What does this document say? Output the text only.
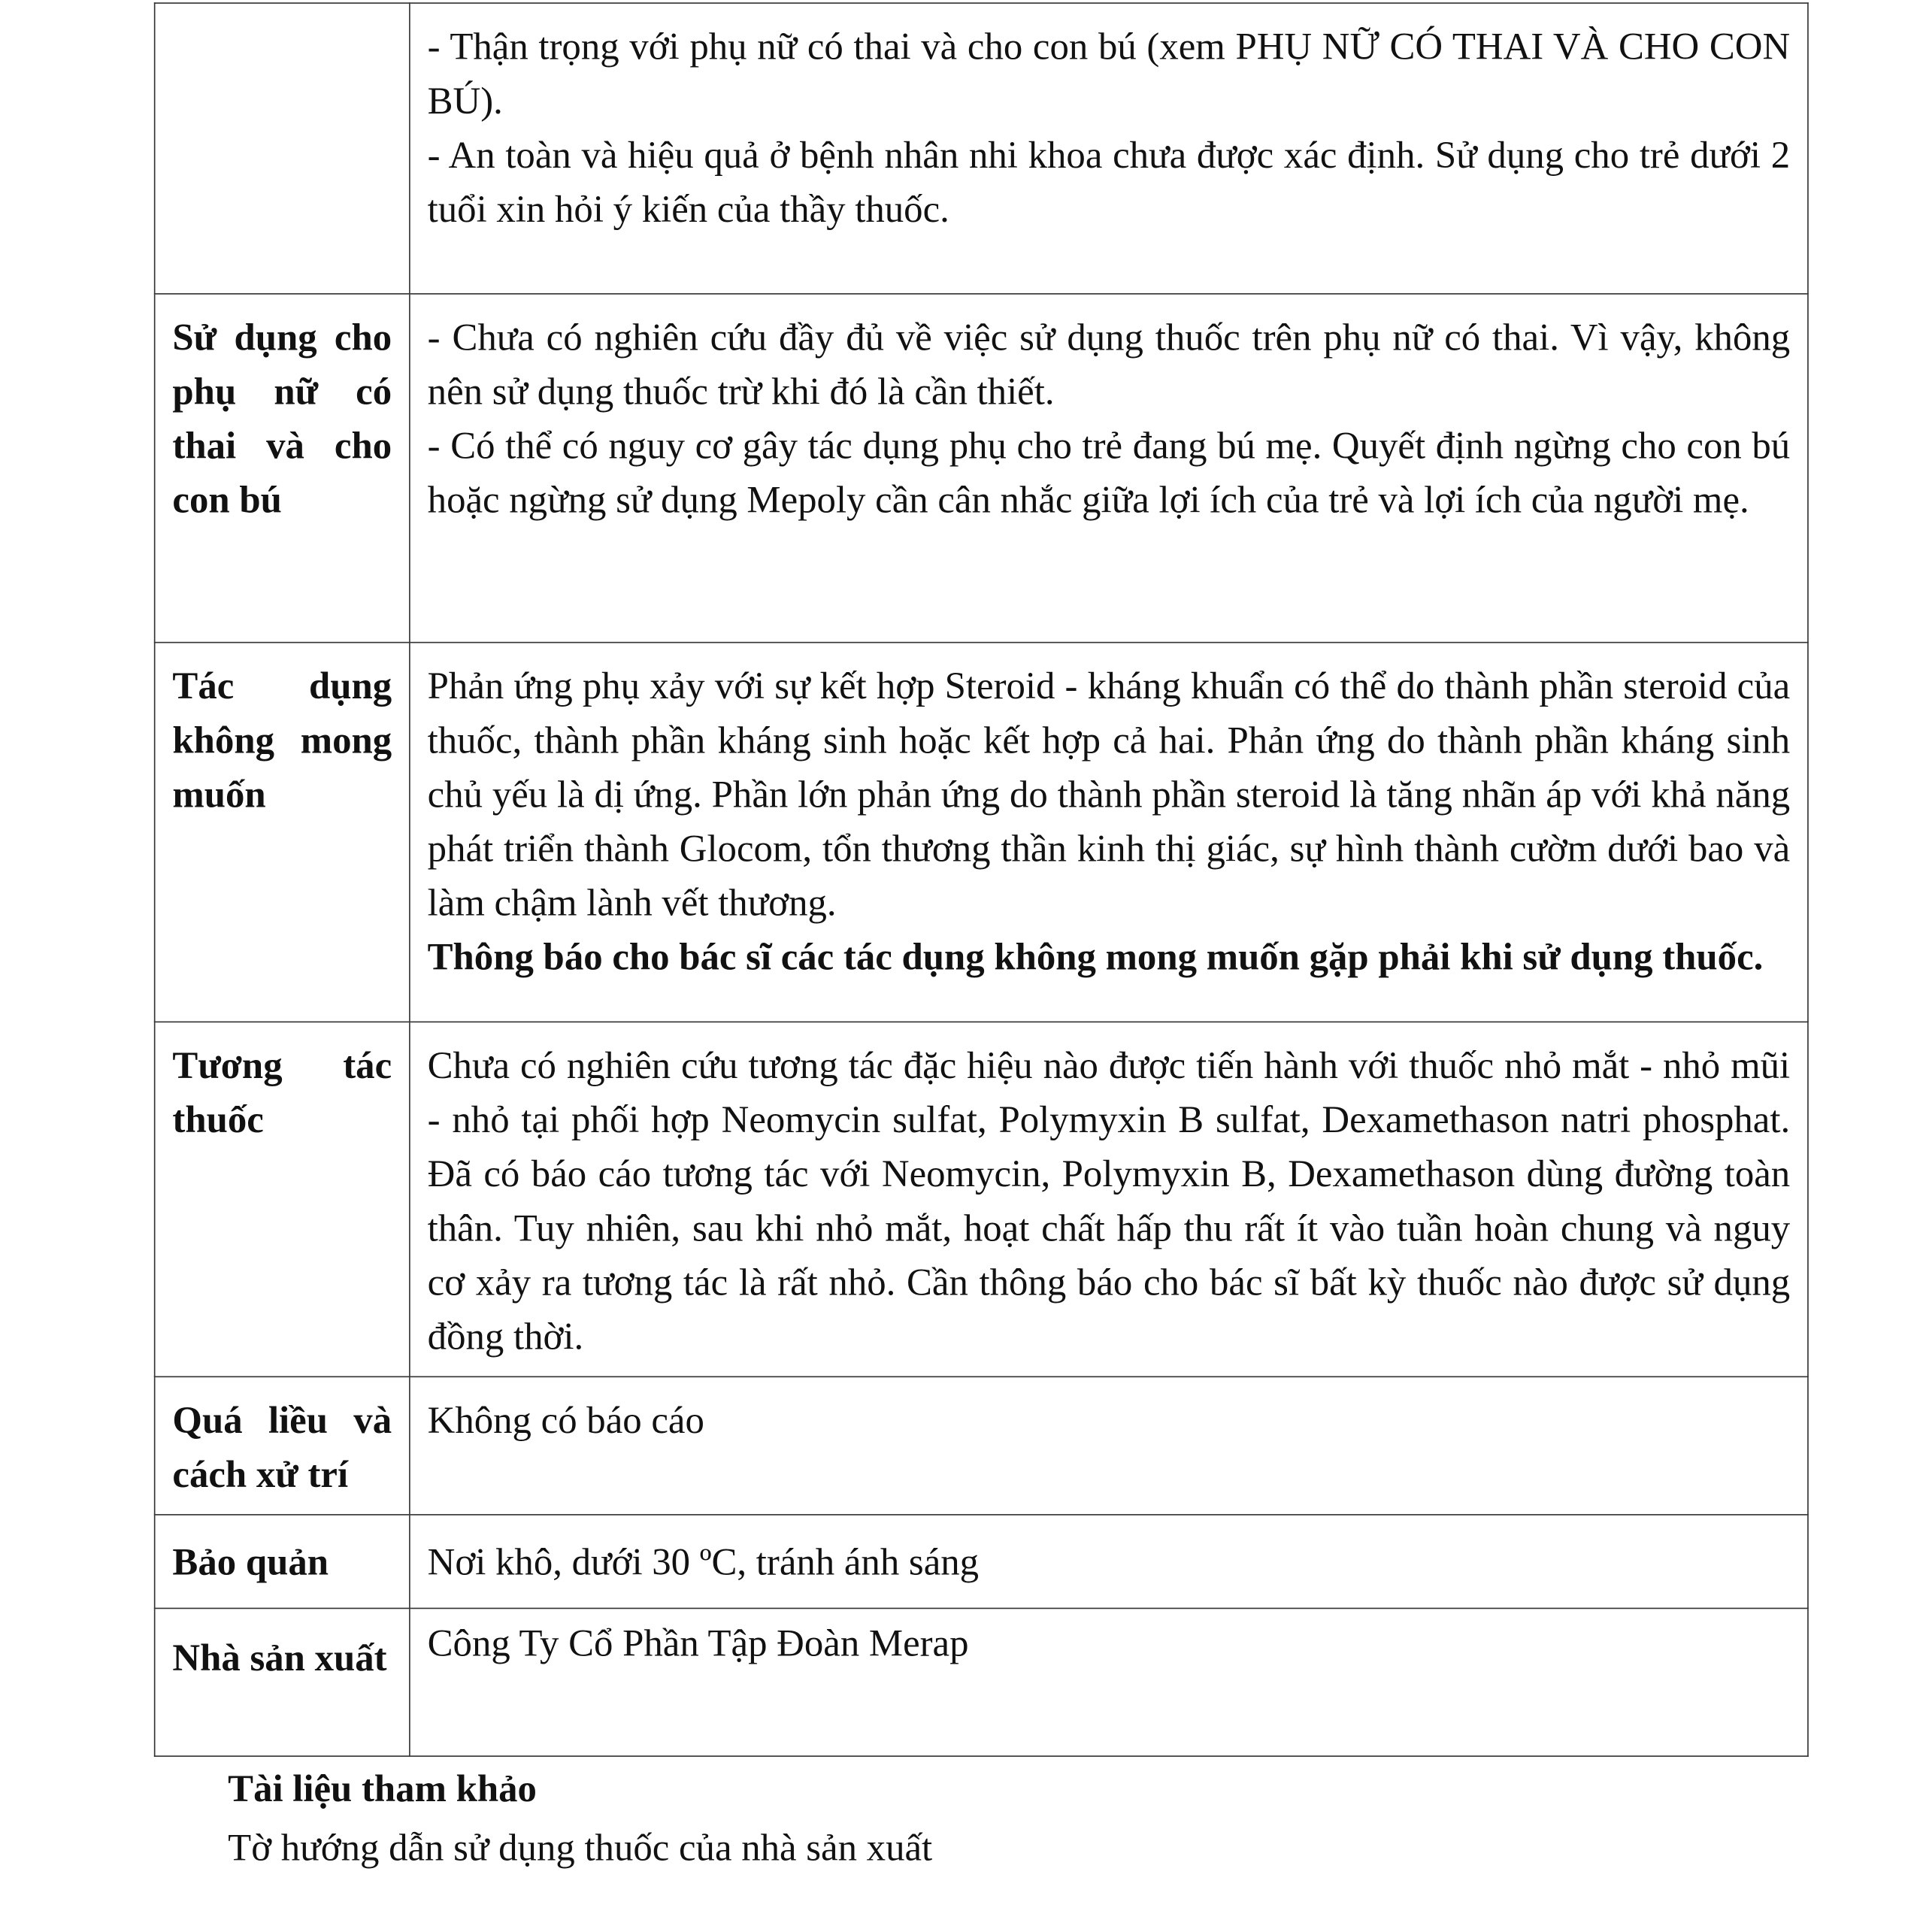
	- Thận trọng với phụ nữ có thai và cho con bú (xem PHỤ NỮ CÓ THAI VÀ CHO CON BÚ).

- An toàn và hiệu quả ở bệnh nhân nhi khoa chưa được xác định. Sử dụng cho trẻ dưới 2 tuổi xin hỏi ý kiến của thầy thuốc.

Sử dụng cho phụ nữ có thai và cho con bú	- Chưa có nghiên cứu đầy đủ về việc sử dụng thuốc trên phụ nữ có thai. Vì vậy, không nên sử dụng thuốc trừ khi đó là cần thiết.

- Có thể có nguy cơ gây tác dụng phụ cho trẻ đang bú mẹ. Quyết định ngừng cho con bú hoặc ngừng sử dụng Mepoly cần cân nhắc giữa lợi ích của trẻ và lợi ích của người mẹ.

Tác dụng không mong muốn	Phản ứng phụ xảy với sự kết hợp Steroid - kháng khuẩn có thể do thành phần steroid của thuốc, thành phần kháng sinh hoặc kết hợp cả hai. Phản ứng do thành phần kháng sinh chủ yếu là dị ứng. Phần lớn phản ứng do thành phần steroid là tăng nhãn áp với khả năng phát triển thành Glocom, tổn thương thần kinh thị giác, sự hình thành cườm dưới bao và làm chậm lành vết thương.

Thông báo cho bác sĩ các tác dụng không mong muốn gặp phải khi sử dụng thuốc.

Tương tác thuốc	Chưa có nghiên cứu tương tác đặc hiệu nào được tiến hành với thuốc nhỏ mắt - nhỏ mũi - nhỏ tại phối hợp Neomycin sulfat, Polymyxin B sulfat, Dexamethason natri phosphat. Đã có báo cáo tương tác với Neomycin, Polymyxin B, Dexamethason dùng đường toàn thân. Tuy nhiên, sau khi nhỏ mắt, hoạt chất hấp thu rất ít vào tuần hoàn chung và nguy cơ xảy ra tương tác là rất nhỏ. Cần thông báo cho bác sĩ bất kỳ thuốc nào được sử dụng đồng thời.

Quá liều và cách xử trí	Không có báo cáo

Bảo quản	Nơi khô, dưới 30 ºC, tránh ánh sáng

Nhà sản xuất	Công Ty Cổ Phần Tập Đoàn Merap

Tài liệu tham khảo
Tờ hướng dẫn sử dụng thuốc của nhà sản xuất
